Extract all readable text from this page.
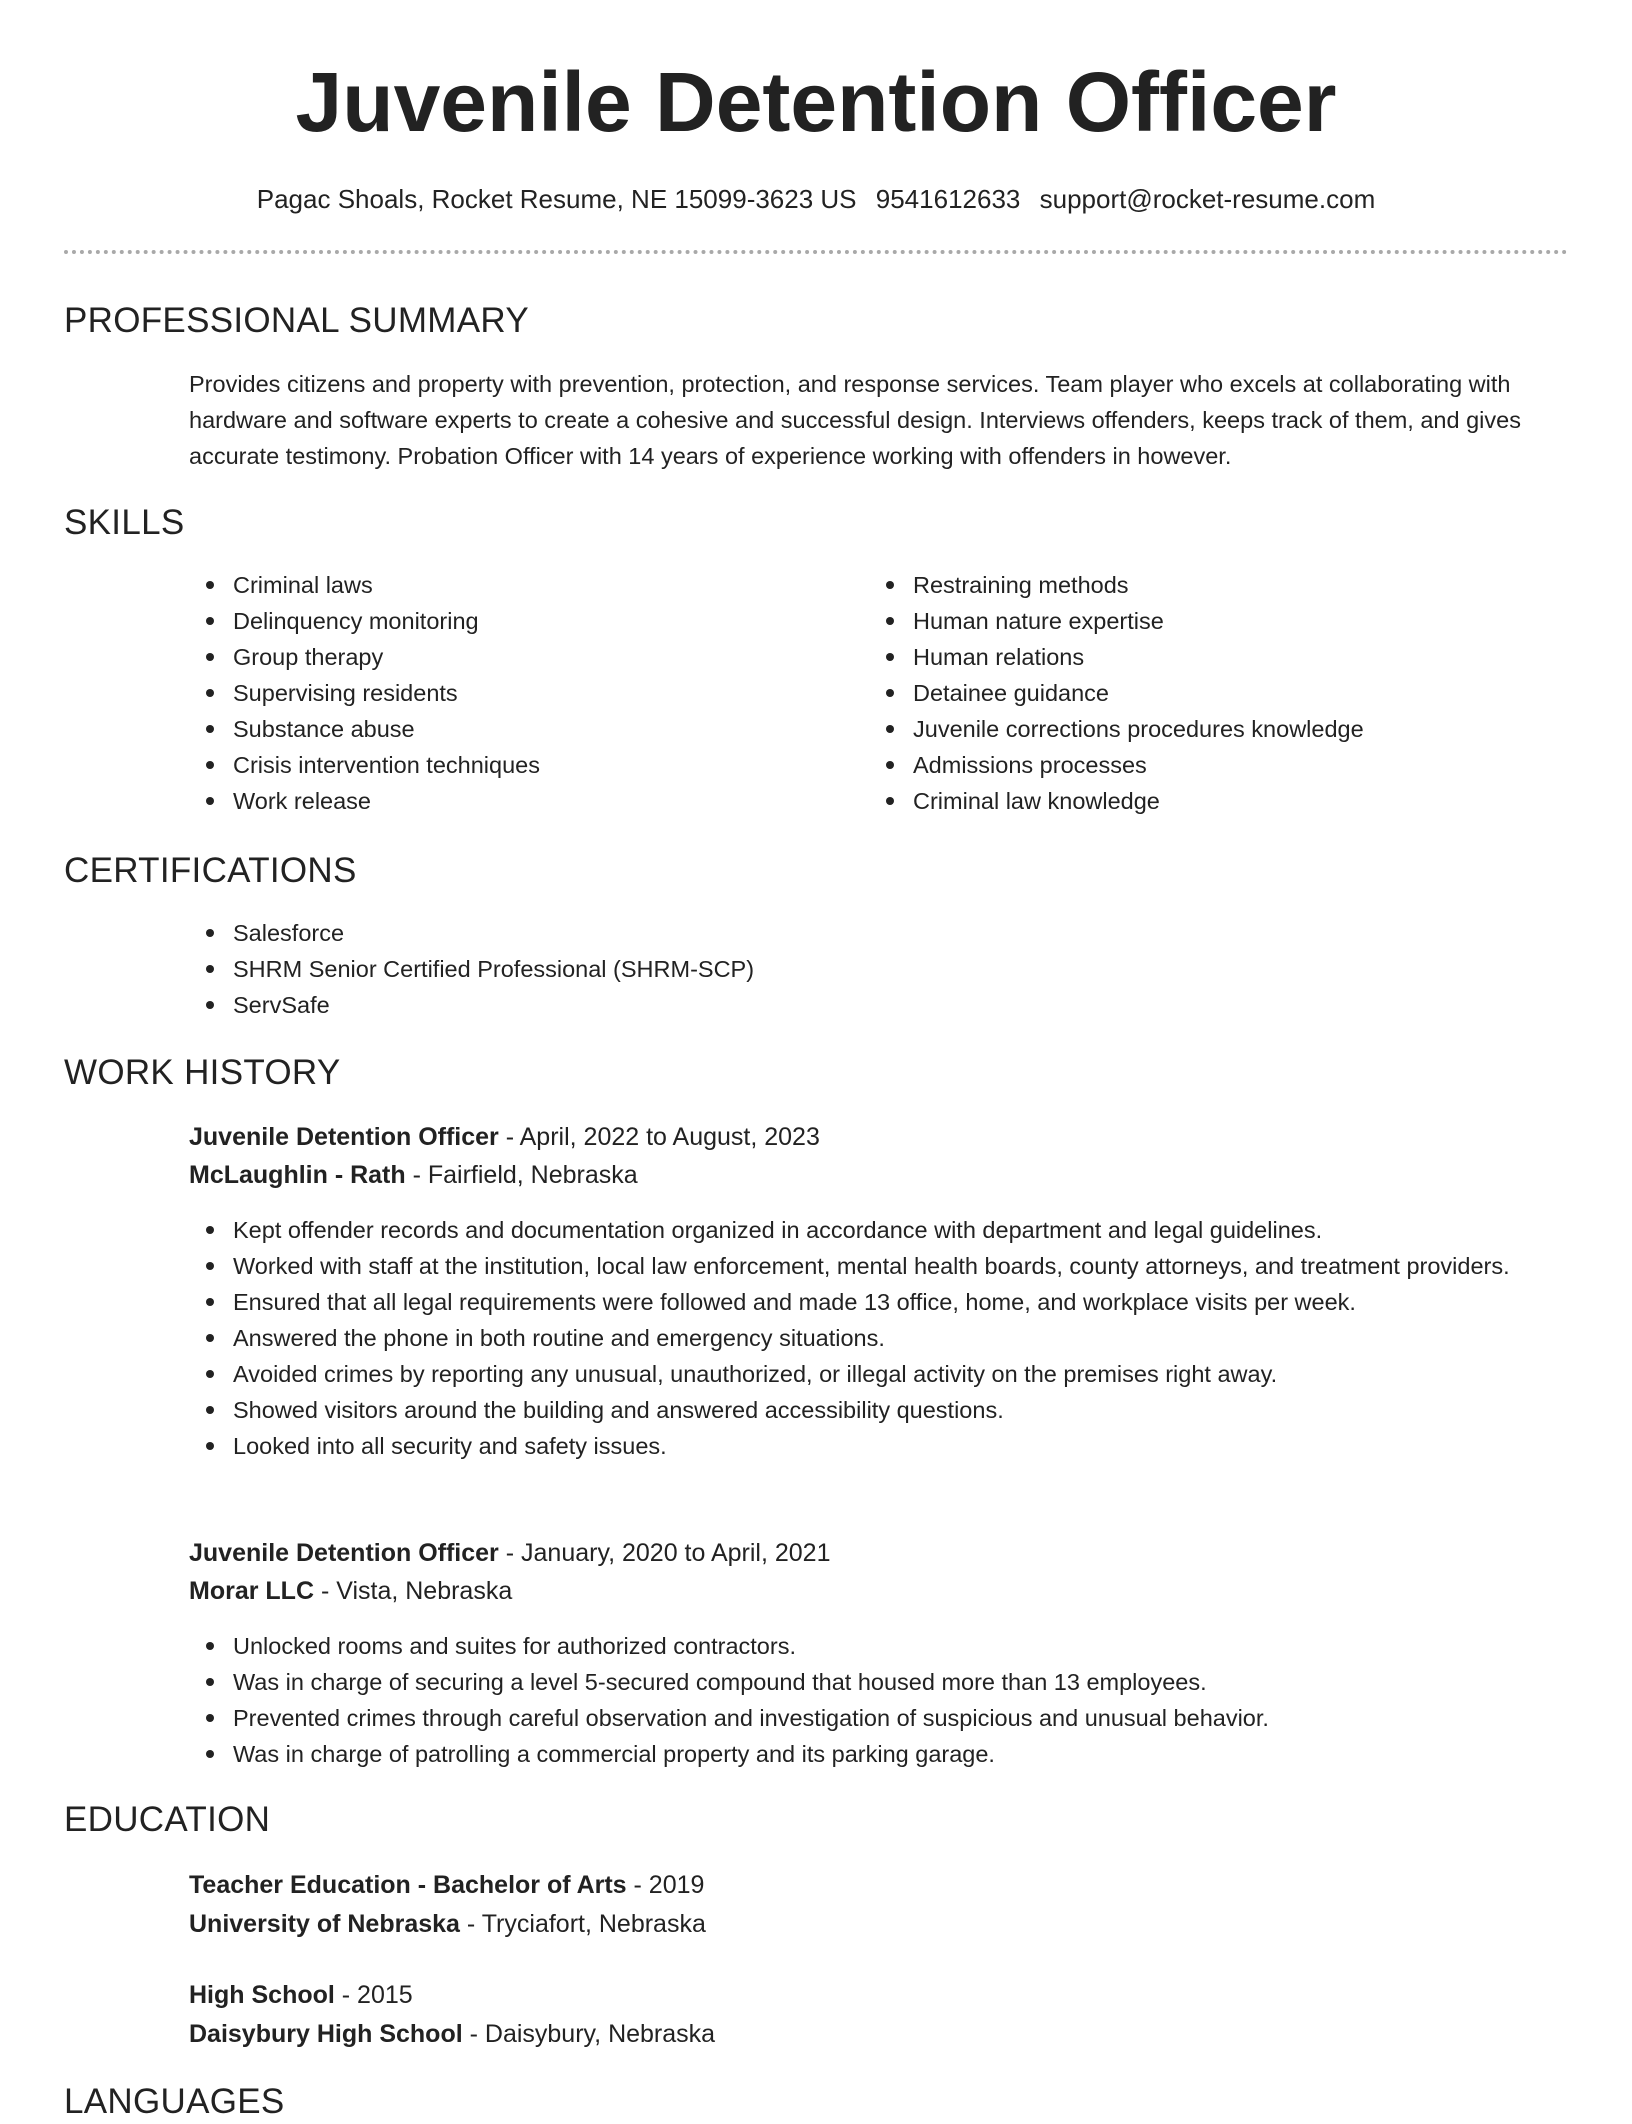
Juvenile Detention Officer
Pagac Shoals, Rocket Resume, NE 15099-3623 US 9541612633 support@rocket-resume.com
PROFESSIONAL SUMMARY

Provides citizens and property with prevention, protection, and response services. Team player who excels at collaborating with hardware and software experts to create a cohesive and successful design. Interviews offenders, keeps track of them, and gives accurate testimony. Probation Officer with 14 years of experience working with offenders in however.

SKILLS
Criminal laws
Delinquency monitoring
Group therapy
Supervising residents
Substance abuse
Crisis intervention techniques
Work release
Restraining methods
Human nature expertise
Human relations
Detainee guidance
Juvenile corrections procedures knowledge
Admissions processes
Criminal law knowledge
CERTIFICATIONS
Salesforce
SHRM Senior Certified Professional (SHRM-SCP)
ServSafe
WORK HISTORY
Juvenile Detention Officer - April, 2022 to August, 2023
McLaughlin - Rath - Fairfield, Nebraska
Kept offender records and documentation organized in accordance with department and legal guidelines.
Worked with staff at the institution, local law enforcement, mental health boards, county attorneys, and treatment providers.
Ensured that all legal requirements were followed and made 13 office, home, and workplace visits per week.
Answered the phone in both routine and emergency situations.
Avoided crimes by reporting any unusual, unauthorized, or illegal activity on the premises right away.
Showed visitors around the building and answered accessibility questions.
Looked into all security and safety issues.
Juvenile Detention Officer - January, 2020 to April, 2021
Morar LLC - Vista, Nebraska
Unlocked rooms and suites for authorized contractors.
Was in charge of securing a level 5-secured compound that housed more than 13 employees.
Prevented crimes through careful observation and investigation of suspicious and unusual behavior.
Was in charge of patrolling a commercial property and its parking garage.
EDUCATION
Teacher Education - Bachelor of Arts - 2019
University of Nebraska - Tryciafort, Nebraska
High School - 2015
Daisybury High School - Daisybury, Nebraska
LANGUAGES
